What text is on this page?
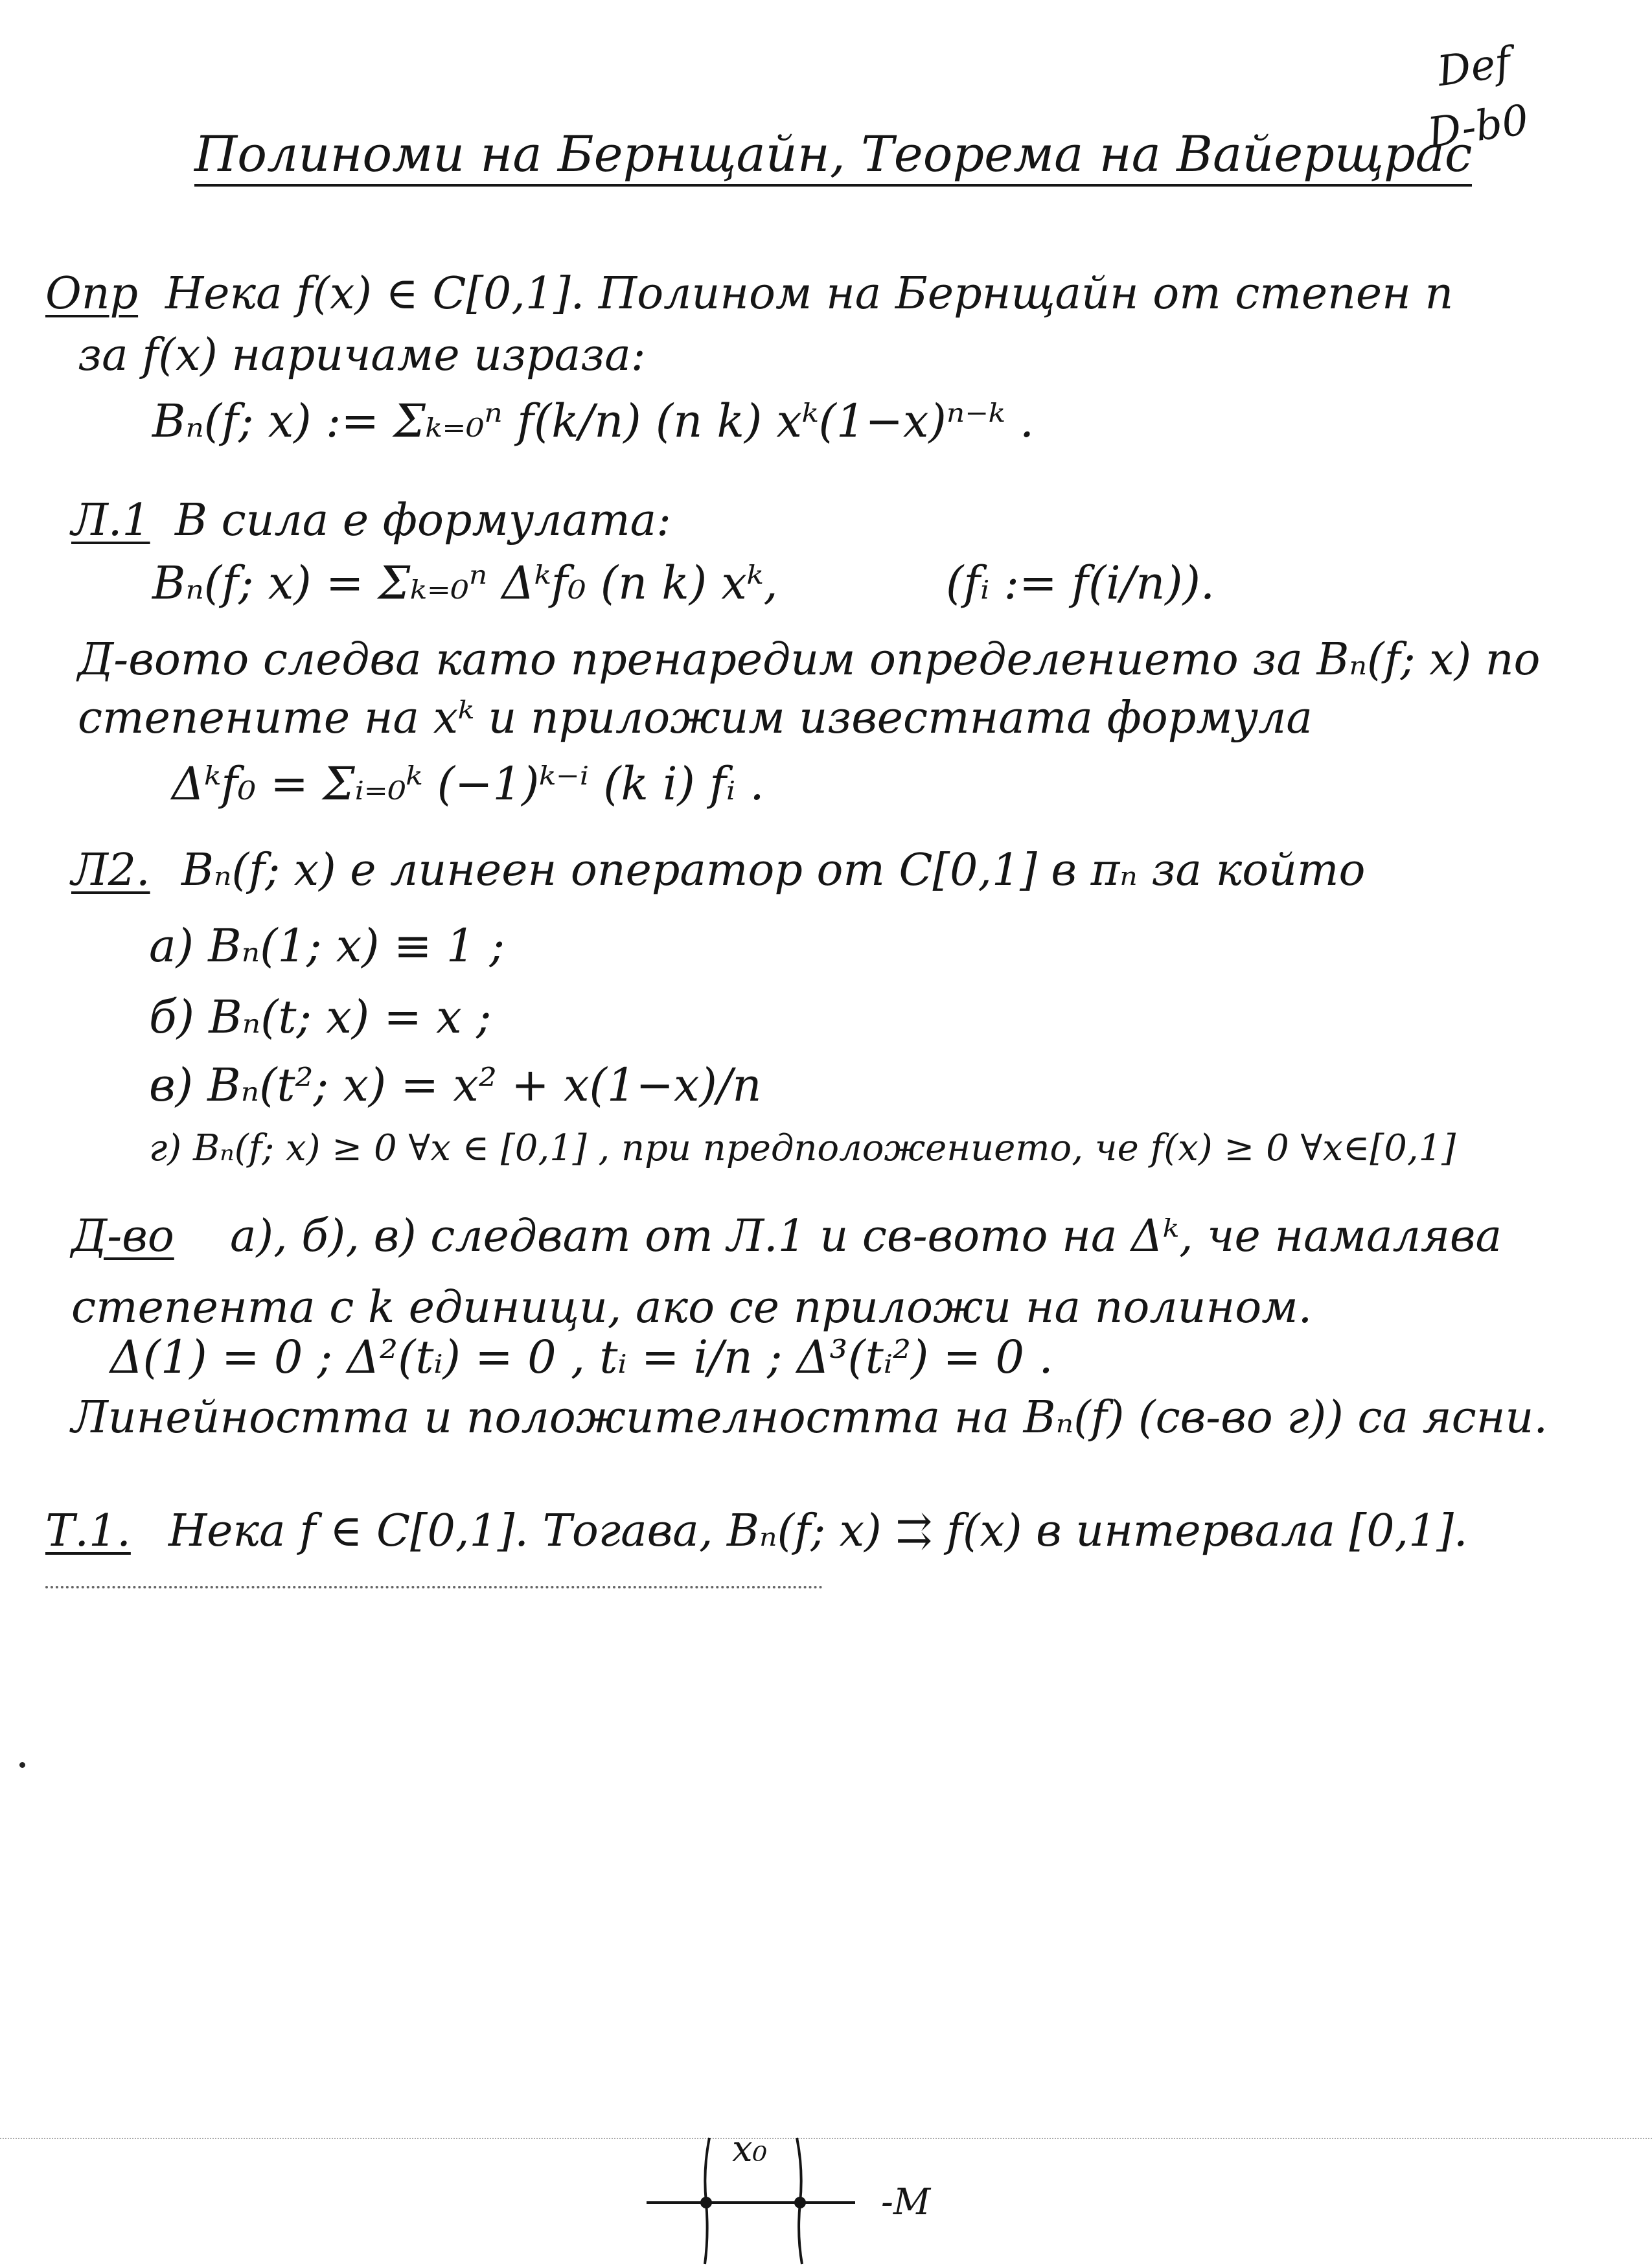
Полиноми на Бернщайн, Теорема на Вайерщрас
Def
D-b0
Опр Нека f(x) ∈ C[0,1]. Полином на Бернщайн от степен n
за f(x) наричаме израза:
Bₙ(f; x) := Σₖ₌₀ⁿ f(k/n) (n k) xᵏ(1−x)ⁿ⁻ᵏ .
Л.1 В сила е формулата:
Bₙ(f; x) = Σₖ₌₀ⁿ Δᵏf₀ (n k) xᵏ,	(fᵢ := f(i/n)).
Д-вото следва като пренаредим определението за Bₙ(f; x) по
степените на xᵏ и приложим известната формула
Δᵏf₀ = Σᵢ₌₀ᵏ (−1)ᵏ⁻ⁱ (k i) fᵢ .
Л2. Bₙ(f; x) е линеен оператор от C[0,1] в πₙ за който
а) Bₙ(1; x) ≡ 1 ;
б) Bₙ(t; x) = x ;
в) Bₙ(t²; x) = x² + x(1−x)/n
г) Bₙ(f; x) ≥ 0 ∀x ∈ [0,1] , при предположението, че f(x) ≥ 0 ∀x∈[0,1]
Д-во а), б), в) следват от Л.1 и св-вото на Δᵏ, че намалява
степента с k единици, ако се приложи на полином.
Δ(1) = 0 ; Δ²(tᵢ) = 0 , tᵢ = i/n ; Δ³(tᵢ²) = 0 .
Линейността и положителността на Bₙ(f) (св-во г)) са ясни.
Т.1. Нека f ∈ C[0,1]. Тогава, Bₙ(f; x) ⇉ f(x) в интервала [0,1].
x₀
-M
